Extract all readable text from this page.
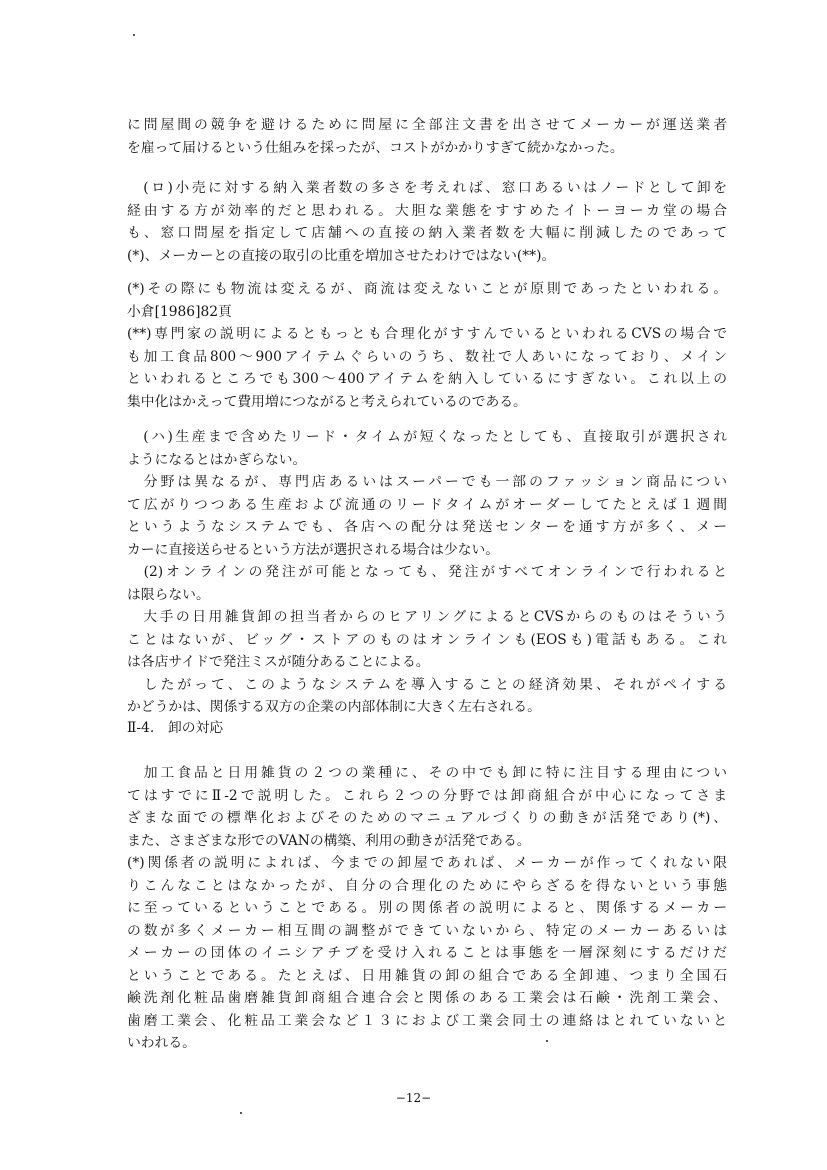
に問屋間の競争を避けるために問屋に全部注文書を出させてメーカーが運送業者
を雇って届けるという仕組みを採ったが、コストがかかりすぎて続かなかった。
　(ロ)小売に対する納入業者数の多さを考えれば、窓口あるいはノードとして卸を
経由する方が効率的だと思われる。大胆な業態をすすめたイトーヨーカ堂の場合
も、窓口問屋を指定して店舗への直接の納入業者数を大幅に削減したのであって
(*)、メーカーとの直接の取引の比重を増加させたわけではない(**)。
(*)その際にも物流は変えるが、商流は変えないことが原則であったといわれる。
小倉[1986]82頁
(**)専門家の説明によるともっとも合理化がすすんでいるといわれるCVSの場合で
も加工食品800〜900アイテムぐらいのうち、数社で人あいになっており、メイン
といわれるところでも300〜400アイテムを納入しているにすぎない。これ以上の
集中化はかえって費用増につながると考えられているのである。
　(ハ)生産まで含めたリード・タイムが短くなったとしても、直接取引が選択され
ようになるとはかぎらない。
　分野は異なるが、専門店あるいはスーパーでも一部のファッション商品につい
て広がりつつある生産および流通のリードタイムがオーダーしてたとえば１週間
というようなシステムでも、各店への配分は発送センターを通す方が多く、メー
カーに直接送らせるという方法が選択される場合は少ない。
　(2)オンラインの発注が可能となっても、発注がすべてオンラインで行われると
は限らない。
　大手の日用雑貨卸の担当者からのヒアリングによるとCVSからのものはそういう
ことはないが、ビッグ・ストアのものはオンラインも(EOSも)電話もある。これ
は各店サイドで発注ミスが随分あることによる。
　したがって、このようなシステムを導入することの経済効果、それがペイする
かどうかは、関係する双方の企業の内部体制に大きく左右される。
Ⅱ-4.　卸の対応
　加工食品と日用雑貨の２つの業種に、その中でも卸に特に注目する理由につい
てはすでにⅡ-2で説明した。これら２つの分野では卸商組合が中心になってさま
ざまな面での標準化およびそのためのマニュアルづくりの動きが活発であり(*)、
また、さまざまな形でのVANの構築、利用の動きが活発である。
(*)関係者の説明によれば、今までの卸屋であれば、メーカーが作ってくれない限
りこんなことはなかったが、自分の合理化のためにやらざるを得ないという事態
に至っているということである。別の関係者の説明によると、関係するメーカー
の数が多くメーカー相互間の調整ができていないから、特定のメーカーあるいは
メーカーの団体のイニシアチブを受け入れることは事態を一層深刻にするだけだ
ということである。たとえば、日用雑貨の卸の組合である全卸連、つまり全国石
鹸洗剤化粧品歯磨雑貨卸商組合連合会と関係のある工業会は石鹸・洗剤工業会、
歯磨工業会、化粧品工業会など１３におよび工業会同士の連絡はとれていないと
いわれる。
−12−
